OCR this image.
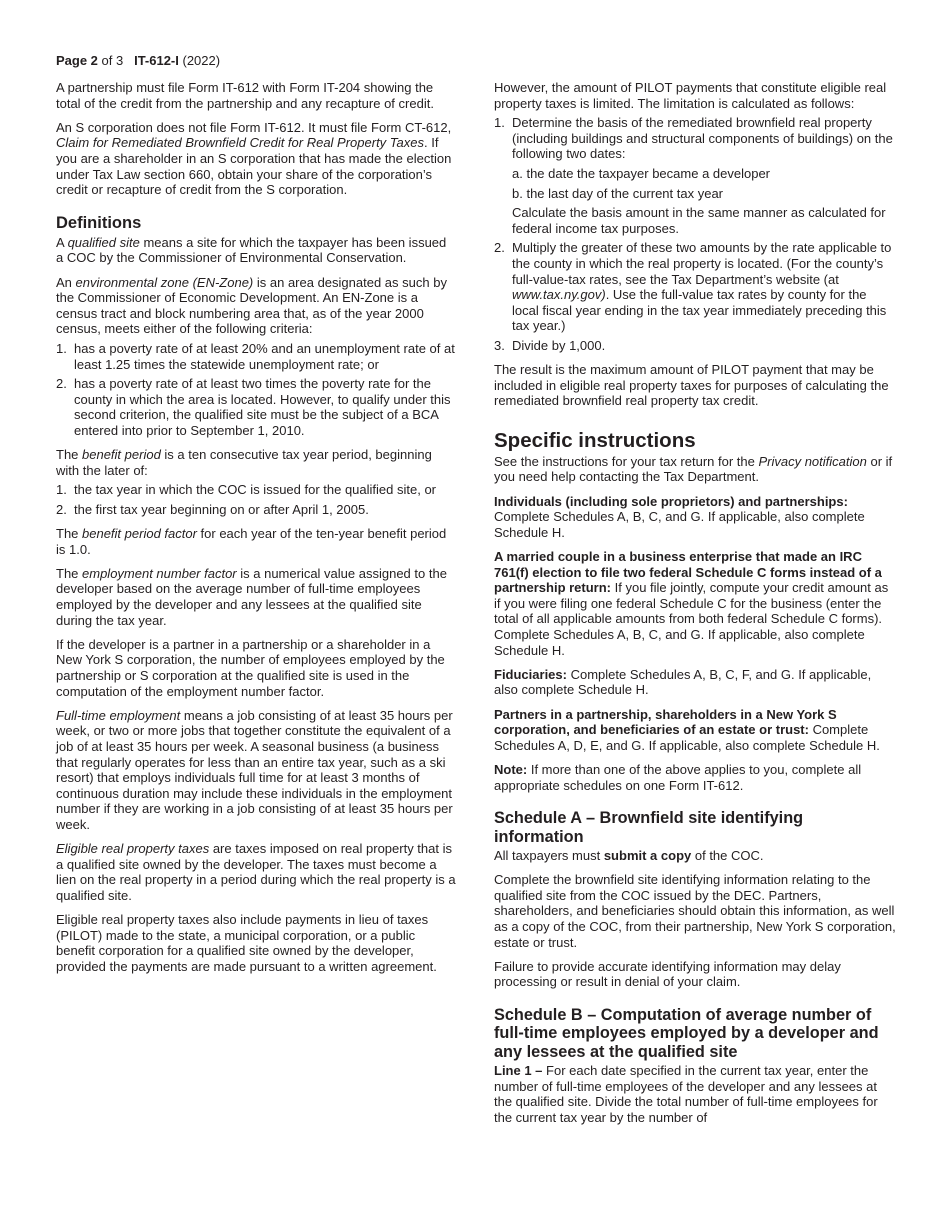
Page 2 of 3 IT-612-I (2022)

A partnership must file Form IT-612 with Form IT-204 showing the total of the credit from the partnership and any recapture of credit.

An S corporation does not file Form IT-612. It must file Form CT-612, Claim for Remediated Brownfield Credit for Real Property Taxes. If you are a shareholder in an S corporation that has made the election under Tax Law section 660, obtain your share of the corporation’s credit or recapture of credit from the S corporation.

Definitions

A qualified site means a site for which the taxpayer has been issued a COC by the Commissioner of Environmental Conservation.

An environmental zone (EN-Zone) is an area designated as such by the Commissioner of Economic Development. An EN-Zone is a census tract and block numbering area that, as of the year 2000 census, meets either of the following criteria:

1. has a poverty rate of at least 20% and an unemployment rate of at least 1.25 times the statewide unemployment rate; or
2. has a poverty rate of at least two times the poverty rate for the county in which the area is located. However, to qualify under this second criterion, the qualified site must be the subject of a BCA entered into prior to September 1, 2010.

The benefit period is a ten consecutive tax year period, beginning with the later of:

1. the tax year in which the COC is issued for the qualified site, or
2. the first tax year beginning on or after April 1, 2005.

The benefit period factor for each year of the ten-year benefit period is 1.0.

The employment number factor is a numerical value assigned to the developer based on the average number of full-time employees employed by the developer and any lessees at the qualified site during the tax year.

If the developer is a partner in a partnership or a shareholder in a New York S corporation, the number of employees employed by the partnership or S corporation at the qualified site is used in the computation of the employment number factor.

Full-time employment means a job consisting of at least 35 hours per week, or two or more jobs that together constitute the equivalent of a job of at least 35 hours per week. A seasonal business (a business that regularly operates for less than an entire tax year, such as a ski resort) that employs individuals full time for at least 3 months of continuous duration may include these individuals in the employment number if they are working in a job consisting of at least 35 hours per week.

Eligible real property taxes are taxes imposed on real property that is a qualified site owned by the developer. The taxes must become a lien on the real property in a period during which the real property is a qualified site.

Eligible real property taxes also include payments in lieu of taxes (PILOT) made to the state, a municipal corporation, or a public benefit corporation for a qualified site owned by the developer, provided the payments are made pursuant to a written agreement.

However, the amount of PILOT payments that constitute eligible real property taxes is limited. The limitation is calculated as follows:

1. Determine the basis of the remediated brownfield real property (including buildings and structural components of buildings) on the following two dates:
a. the date the taxpayer became a developer
b. the last day of the current tax year
Calculate the basis amount in the same manner as calculated for federal income tax purposes.
2. Multiply the greater of these two amounts by the rate applicable to the county in which the real property is located. (For the county’s full-value-tax rates, see the Tax Department’s website (at www.tax.ny.gov). Use the full-value tax rates by county for the local fiscal year ending in the tax year immediately preceding this tax year.)
3. Divide by 1,000.

The result is the maximum amount of PILOT payment that may be included in eligible real property taxes for purposes of calculating the remediated brownfield real property tax credit.

Specific instructions

See the instructions for your tax return for the Privacy notification or if you need help contacting the Tax Department.

Individuals (including sole proprietors) and partnerships: Complete Schedules A, B, C, and G. If applicable, also complete Schedule H.

A married couple in a business enterprise that made an IRC 761(f) election to file two federal Schedule C forms instead of a partnership return: If you file jointly, compute your credit amount as if you were filing one federal Schedule C for the business (enter the total of all applicable amounts from both federal Schedule C forms). Complete Schedules A, B, C, and G. If applicable, also complete Schedule H.

Fiduciaries: Complete Schedules A, B, C, F, and G. If applicable, also complete Schedule H.

Partners in a partnership, shareholders in a New York S corporation, and beneficiaries of an estate or trust: Complete Schedules A, D, E, and G. If applicable, also complete Schedule H.

Note: If more than one of the above applies to you, complete all appropriate schedules on one Form IT-612.

Schedule A – Brownfield site identifying information

All taxpayers must submit a copy of the COC.

Complete the brownfield site identifying information relating to the qualified site from the COC issued by the DEC. Partners, shareholders, and beneficiaries should obtain this information, as well as a copy of the COC, from their partnership, New York S corporation, estate or trust.

Failure to provide accurate identifying information may delay processing or result in denial of your claim.

Schedule B – Computation of average number of full-time employees employed by a developer and any lessees at the qualified site

Line 1 – For each date specified in the current tax year, enter the number of full-time employees of the developer and any lessees at the qualified site. Divide the total number of full-time employees for the current tax year by the number of
